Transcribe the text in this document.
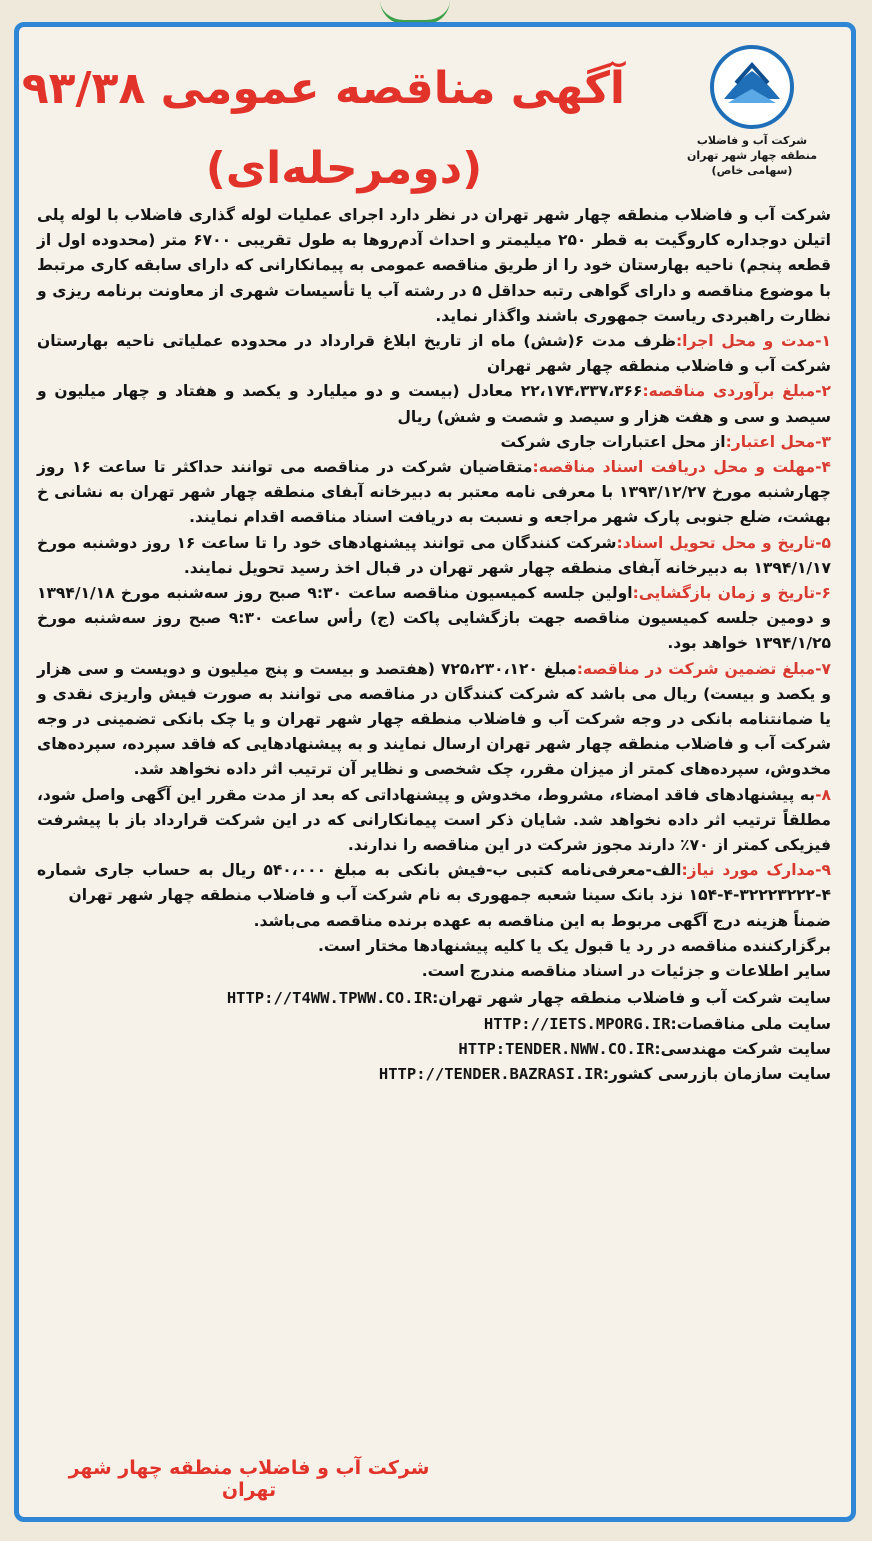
شرکت آب و فاضلاب
منطقه چهار شهر تهران
(سهامی خاص)
آگهی مناقصه عمومی ۹۳/۳۸
(دومرحله‌ای)

شرکت آب و فاضلاب منطقه چهار شهر تهران در نظر دارد اجرای عملیات لوله گذاری فاضلاب با لوله پلی اتیلن دوجداره کاروگیت به قطر ۲۵۰ میلیمتر و احداث آدم‌روها به طول تقریبی ۶۷۰۰ متر (محدوده اول از قطعه پنجم) ناحیه بهارستان خود را از طریق مناقصه عمومی به پیمانکارانی که دارای سابقه کاری مرتبط با موضوع مناقصه و دارای گواهی رتبه حداقل ۵ در رشته آب یا تأسیسات شهری از معاونت برنامه ریزی و نظارت راهبردی ریاست جمهوری باشند واگذار نماید.

۱-مدت و محل اجرا:ظرف مدت ۶(شش) ماه از تاریخ ابلاغ قرارداد در محدوده عملیاتی ناحیه بهارستان شرکت آب و فاضلاب منطقه چهار شهر تهران

۲-مبلغ برآوردی مناقصه:۲۲،۱۷۴،۳۳۷،۳۶۶ معادل (بیست و دو میلیارد و یکصد و هفتاد و چهار میلیون و سیصد و سی و هفت هزار و سیصد و شصت و شش) ریال

۳-محل اعتبار:از محل اعتبارات جاری شرکت

۴-مهلت و محل دریافت اسناد مناقصه:متقاضیان شرکت در مناقصه می توانند حداکثر تا ساعت ۱۶ روز چهارشنبه مورخ ۱۳۹۳/۱۲/۲۷ با معرفی نامه معتبر به دبیرخانه آبفای منطقه چهار شهر تهران به نشانی خ بهشت، ضلع جنوبی پارک شهر مراجعه و نسبت به دریافت اسناد مناقصه اقدام نمایند.

۵-تاریخ و محل تحویل اسناد:شرکت کنندگان می توانند پیشنهادهای خود را تا ساعت ۱۶ روز دوشنبه مورخ ۱۳۹۴/۱/۱۷ به دبیرخانه آبفای منطقه چهار شهر تهران در قبال اخذ رسید تحویل نمایند.

۶-تاریخ و زمان بازگشایی:اولین جلسه کمیسیون مناقصه ساعت ۹:۳۰ صبح روز سه‌شنبه مورخ ۱۳۹۴/۱/۱۸ و دومین جلسه کمیسیون مناقصه جهت بازگشایی پاکت (ج) رأس ساعت ۹:۳۰ صبح روز سه‌شنبه مورخ ۱۳۹۴/۱/۲۵ خواهد بود.

۷-مبلغ تضمین شرکت در مناقصه:مبلغ ۷۲۵،۲۳۰،۱۲۰ (هفتصد و بیست و پنج میلیون و دویست و سی هزار و یکصد و بیست) ریال می باشد که شرکت کنندگان در مناقصه می توانند به صورت فیش واریزی نقدی و یا ضمانتنامه بانکی در وجه شرکت آب و فاضلاب منطقه چهار شهر تهران و یا چک بانکی تضمینی در وجه شرکت آب و فاضلاب منطقه چهار شهر تهران ارسال نمایند و به پیشنهادهایی که فاقد سپرده، سپرده‌های مخدوش، سپرده‌های کمتر از میزان مقرر، چک شخصی و نظایر آن ترتیب اثر داده نخواهد شد.

۸-به پیشنهادهای فاقد امضاء، مشروط، مخدوش و پیشنهاداتی که بعد از مدت مقرر این آگهی واصل شود، مطلقاً ترتیب اثر داده نخواهد شد. شایان ذکر است پیمانکارانی که در این شرکت قرارداد باز با پیشرفت فیزیکی کمتر از ۷۰٪ دارند مجوز شرکت در این مناقصه را ندارند.

۹-مدارک مورد نیاز:الف-معرفی‌نامه کتبی ب-فیش بانکی به مبلغ ۵۴۰،۰۰۰ ریال به حساب جاری شماره ۴-۳۲۲۲۳۲۲۲-۴-۱۵۴ نزد بانک سینا شعبه جمهوری به نام شرکت آب و فاضلاب منطقه چهار شهر تهران

ضمناً هزینه درج آگهی مربوط به این مناقصه به عهده برنده مناقصه می‌باشد.

برگزارکننده مناقصه در رد یا قبول یک یا کلیه پیشنهادها مختار است.

سایر اطلاعات و جزئیات در اسناد مناقصه مندرج است.

سایت شرکت آب و فاضلاب منطقه چهار شهر تهران:HTTP://T4WW.TPWW.CO.IR
سایت ملی مناقصات:HTTP://IETS.MPORG.IR
سایت شرکت مهندسی:HTTP:TENDER.NWW.CO.IR
سایت سازمان بازرسی کشور:HTTP://TENDER.BAZRASI.IR
شرکت آب و فاضلاب منطقه چهار شهر تهران
